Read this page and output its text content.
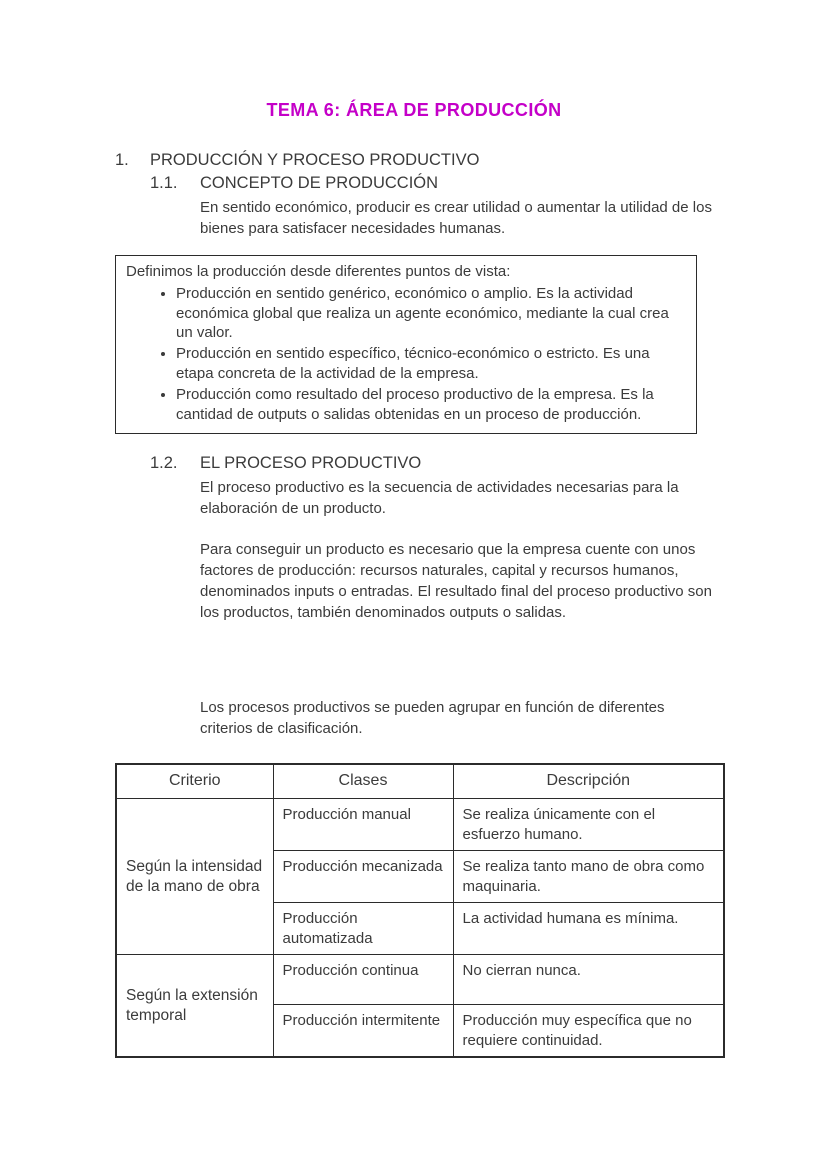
TEMA 6: ÁREA DE PRODUCCIÓN
1.	PRODUCCIÓN Y PROCESO PRODUCTIVO
1.1.	CONCEPTO DE PRODUCCIÓN

En sentido económico, producir es crear utilidad o aumentar la utilidad de los bienes para satisfacer necesidades humanas.

Definimos la producción desde diferentes puntos de vista:
• Producción en sentido genérico, económico o amplio. Es la actividad económica global que realiza un agente económico, mediante la cual crea un valor.
• Producción en sentido específico, técnico-económico o estricto. Es una etapa concreta de la actividad de la empresa.
• Producción como resultado del proceso productivo de la empresa. Es la cantidad de outputs o salidas obtenidas en un proceso de producción.
1.2.	EL PROCESO PRODUCTIVO

El proceso productivo es la secuencia de actividades necesarias para la elaboración de un producto.

Para conseguir un producto es necesario que la empresa cuente con unos factores de producción: recursos naturales, capital y recursos humanos, denominados inputs o entradas. El resultado final del proceso productivo son los productos, también denominados outputs o salidas.

Los procesos productivos se pueden agrupar en función de diferentes criterios de clasificación.

Criterio	Clases	Descripción
Según la intensidad de la mano de obra	Producción manual	Se realiza únicamente con el esfuerzo humano.
	Producción mecanizada	Se realiza tanto mano de obra como maquinaria.
	Producción automatizada	La actividad humana es mínima.
Según la extensión temporal	Producción continua	No cierran nunca.
	Producción intermitente	Producción muy específica que no requiere continuidad.
